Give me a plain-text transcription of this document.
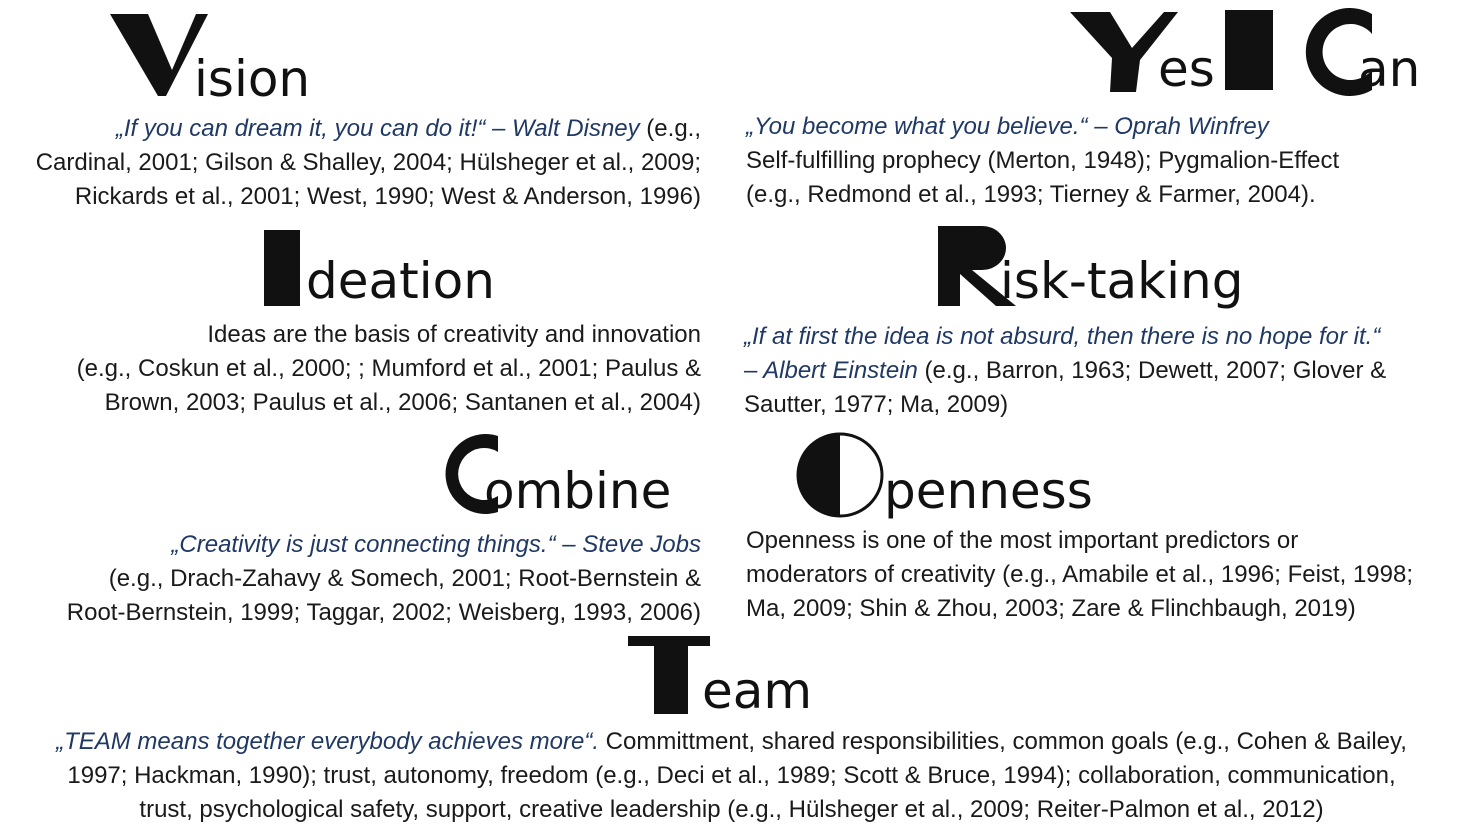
ision
„If you can dream it, you can do it!“ – Walt Disney (e.g.,
Cardinal, 2001; Gilson & Shalley, 2004; Hülsheger et al., 2009;
Rickards et al., 2001; West, 1990; West & Anderson, 1996)
es	an
„You become what you believe.“ – Oprah Winfrey
Self-fulfilling prophecy (Merton, 1948); Pygmalion-Effect
(e.g., Redmond et al., 1993; Tierney & Farmer, 2004).
deation
Ideas are the basis of creativity and innovation
(e.g., Coskun et al., 2000; ; Mumford et al., 2001; Paulus &
Brown, 2003; Paulus et al., 2006; Santanen et al., 2004)
isk-taking
„If at first the idea is not absurd, then there is no hope for it.“
– Albert Einstein (e.g., Barron, 1963; Dewett, 2007; Glover &
Sautter, 1977; Ma, 2009)
ombine
„Creativity is just connecting things.“ – Steve Jobs
(e.g., Drach-Zahavy & Somech, 2001; Root-Bernstein &
Root-Bernstein, 1999; Taggar, 2002; Weisberg, 1993, 2006)
penness
Openness is one of the most important predictors or
moderators of creativity (e.g., Amabile et al., 1996; Feist, 1998;
Ma, 2009; Shin & Zhou, 2003; Zare & Flinchbaugh, 2019)
eam
„TEAM means together everybody achieves more“. Committment, shared responsibilities, common goals (e.g., Cohen & Bailey,
1997; Hackman, 1990); trust, autonomy, freedom (e.g., Deci et al., 1989; Scott & Bruce, 1994); collaboration, communication,
trust, psychological safety, support, creative leadership (e.g., Hülsheger et al., 2009; Reiter-Palmon et al., 2012)
